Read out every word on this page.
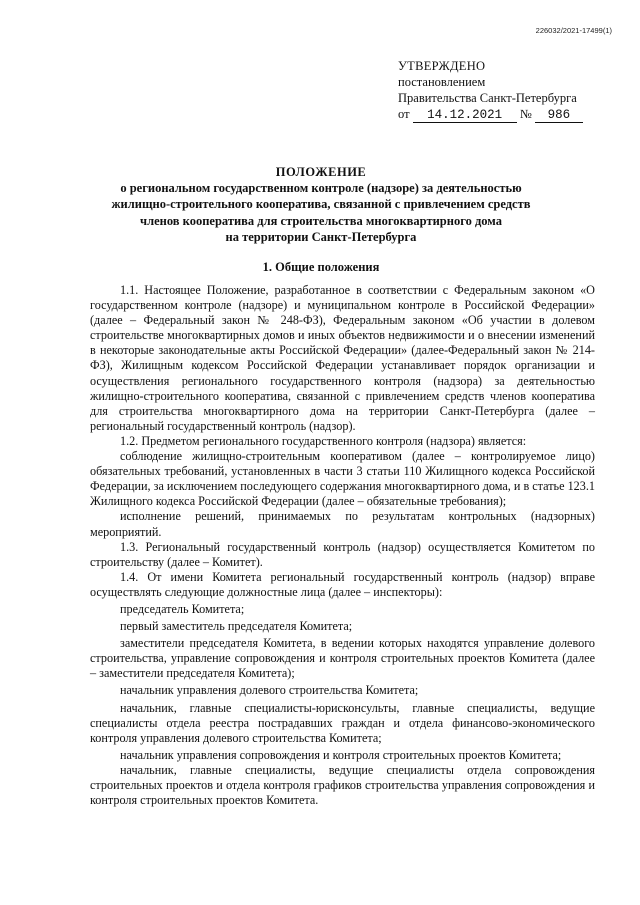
226032/2021-17499(1)
УТВЕРЖДЕНО
постановлением
Правительства Санкт-Петербурга
от 14.12.2021 № 986
ПОЛОЖЕНИЕ
о региональном государственном контроле (надзоре) за деятельностью
жилищно-строительного кооператива, связанной с привлечением средств
членов кооператива для строительства многоквартирного дома
на территории Санкт-Петербурга
1. Общие положения

1.1. Настоящее Положение, разработанное в соответствии с Федеральным законом «О государственном контроле (надзоре) и муниципальном контроле в Российской Федерации» (далее – Федеральный закон № 248-ФЗ), Федеральным законом «Об участии в долевом строительстве многоквартирных домов и иных объектов недвижимости и о внесении изменений в некоторые законодательные акты Российской Федерации» (далее-Федеральный закон № 214-ФЗ), Жилищным кодексом Российской Федерации устанавливает порядок организации и осуществления регионального государственного контроля (надзора) за деятельностью жилищно-строительного кооператива, связанной с привлечением средств членов кооператива для строительства многоквартирного дома на территории Санкт-Петербурга (далее – региональный государственный контроль (надзор).

1.2. Предметом регионального государственного контроля (надзора) является:

соблюдение жилищно-строительным кооперативом (далее – контролируемое лицо) обязательных требований, установленных в части 3 статьи 110 Жилищного кодекса Российской Федерации, за исключением последующего содержания многоквартирного дома, и в статье 123.1 Жилищного кодекса Российской Федерации (далее – обязательные требования);

исполнение решений, принимаемых по результатам контрольных (надзорных) мероприятий.

1.3. Региональный государственный контроль (надзор) осуществляется Комитетом по строительству (далее – Комитет).

1.4. От имени Комитета региональный государственный контроль (надзор) вправе осуществлять следующие должностные лица (далее – инспекторы):

председатель Комитета;

первый заместитель председателя Комитета;

заместители председателя Комитета, в ведении которых находятся управление долевого строительства, управление сопровождения и контроля строительных проектов Комитета (далее – заместители председателя Комитета);

начальник управления долевого строительства Комитета;

начальник, главные специалисты-юрисконсульты, главные специалисты, ведущие специалисты отдела реестра пострадавших граждан и отдела финансово-экономического контроля управления долевого строительства Комитета;

начальник управления сопровождения и контроля строительных проектов Комитета;

начальник, главные специалисты, ведущие специалисты отдела сопровождения строительных проектов и отдела контроля графиков строительства управления сопровождения и контроля строительных проектов Комитета.
